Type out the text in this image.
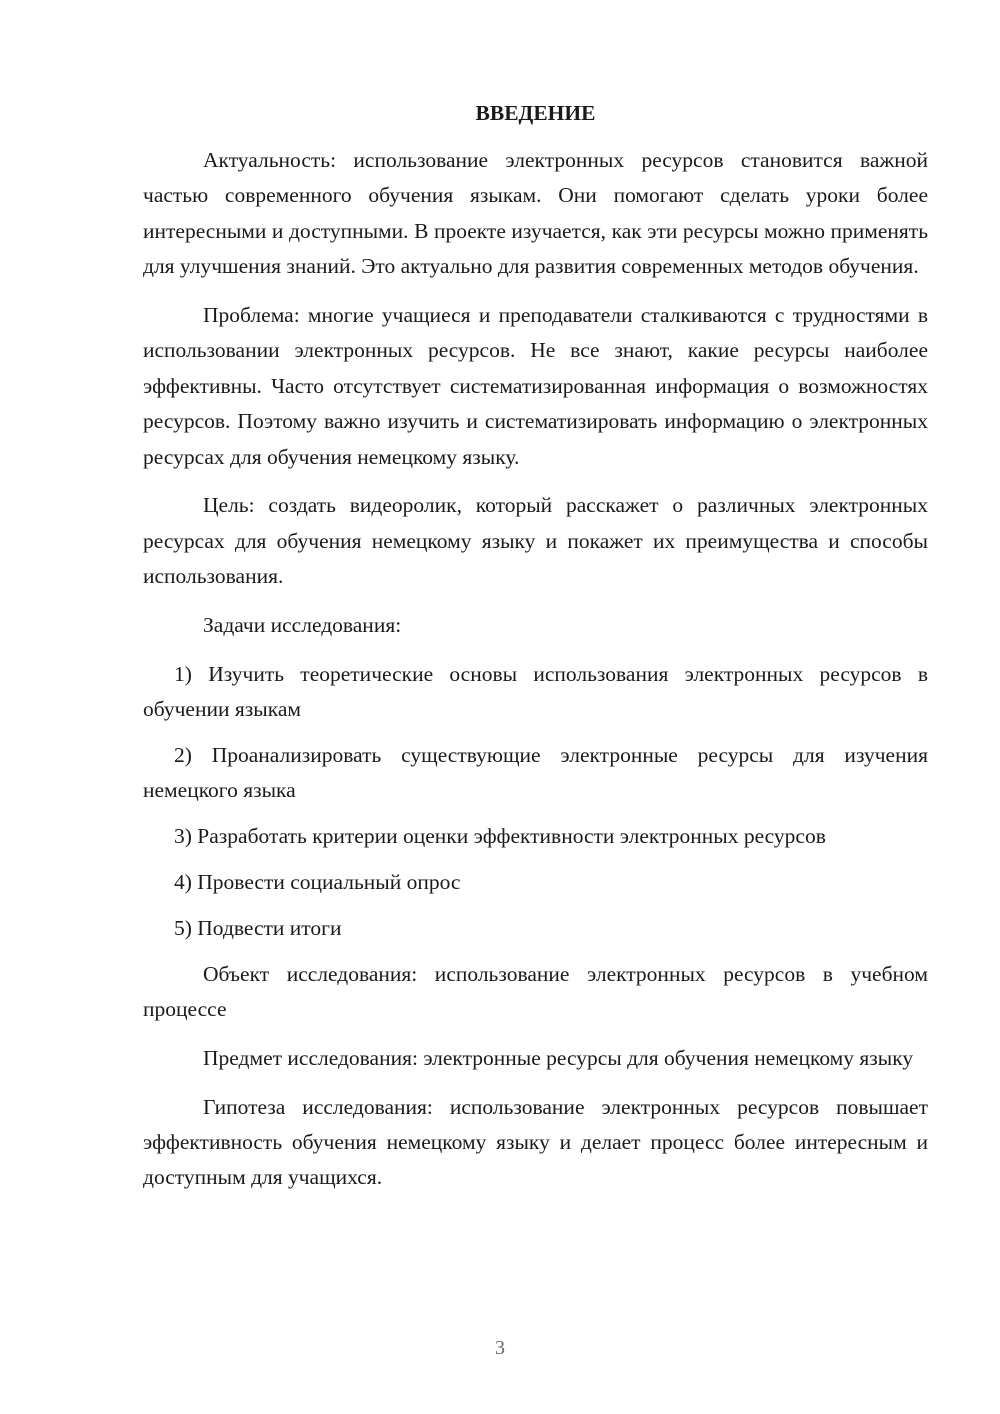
ВВЕДЕНИЕ

Актуальность: использование электронных ресурсов становится важной частью современного обучения языкам. Они помогают сделать уроки более интересными и доступными. В проекте изучается, как эти ресурсы можно применять для улучшения знаний. Это актуально для развития современных методов обучения.

Проблема: многие учащиеся и преподаватели сталкиваются с трудностями в использовании электронных ресурсов. Не все знают, какие ресурсы наиболее эффективны. Часто отсутствует систематизированная информация о возможностях ресурсов. Поэтому важно изучить и систематизировать информацию о электронных ресурсах для обучения немецкому языку.

Цель: создать видеоролик, который расскажет о различных электронных ресурсах для обучения немецкому языку и покажет их преимущества и способы использования.

Задачи исследования:

1) Изучить теоретические основы использования электронных ресурсов в обучении языкам

2) Проанализировать существующие электронные ресурсы для изучения немецкого языка

3) Разработать критерии оценки эффективности электронных ресурсов

4) Провести социальный опрос

5) Подвести итоги

Объект исследования: использование электронных ресурсов в учебном процессе

Предмет исследования: электронные ресурсы для обучения немецкому языку

Гипотеза исследования: использование электронных ресурсов повышает эффективность обучения немецкому языку и делает процесс более интересным и доступным для учащихся.

3
